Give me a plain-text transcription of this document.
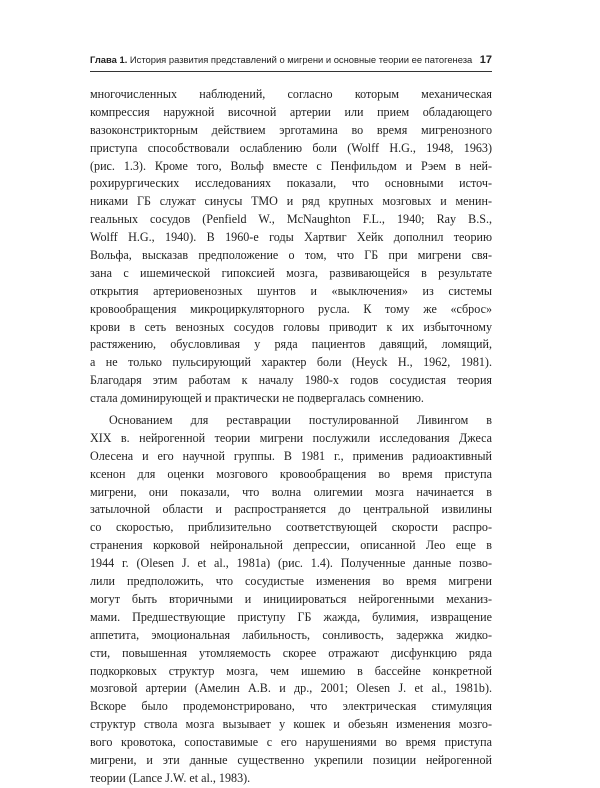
Глава 1. История развития представлений о мигрени и основные теории ее патогенеза 17
многочисленных наблюдений, согласно которым механическая
компрессия наружной височной артерии или прием обладающего
вазоконстрикторным действием эрготамина во время мигренозного
приступа способствовали ослаблению боли (Wolff H.G., 1948, 1963)
(рис. 1.3). Кроме того, Вольф вместе с Пенфильдом и Рэем в ней-
рохирургических исследованиях показали, что основными источ-
никами ГБ служат синусы ТМО и ряд крупных мозговых и менин-
геальных сосудов (Penfield W., McNaughton F.L., 1940; Ray B.S.,
Wolff H.G., 1940). В 1960-е годы Хартвиг Хейк дополнил теорию
Вольфа, высказав предположение о том, что ГБ при мигрени свя-
зана с ишемической гипоксией мозга, развивающейся в результате
открытия артериовенозных шунтов и «выключения» из системы
кровообращения микроциркуляторного русла. К тому же «сброс»
крови в сеть венозных сосудов головы приводит к их избыточному
растяжению, обусловливая у ряда пациентов давящий, ломящий,
а не только пульсирующий характер боли (Heyck H., 1962, 1981).
Благодаря этим работам к началу 1980-х годов сосудистая теория
стала доминирующей и практически не подвергалась сомнению.
Основанием для реставрации постулированной Ливингом в
XIX в. нейрогенной теории мигрени послужили исследования Джеса
Олесена и его научной группы. В 1981 г., применив радиоактивный
ксенон для оценки мозгового кровообращения во время приступа
мигрени, они показали, что волна олигемии мозга начинается в
затылочной области и распространяется до центральной извилины
со скоростью, приблизительно соответствующей скорости распро-
странения корковой нейрональной депрессии, описанной Лео еще в
1944 г. (Olesen J. et al., 1981a) (рис. 1.4). Полученные данные позво-
лили предположить, что сосудистые изменения во время мигрени
могут быть вторичными и инициироваться нейрогенными механиз-
мами. Предшествующие приступу ГБ жажда, булимия, извращение
аппетита, эмоциональная лабильность, сонливость, задержка жидко-
сти, повышенная утомляемость скорее отражают дисфункцию ряда
подкорковых структур мозга, чем ишемию в бассейне конкретной
мозговой артерии (Амелин А.В. и др., 2001; Olesen J. et al., 1981b).
Вскоре было продемонстрировано, что электрическая стимуляция
структур ствола мозга вызывает у кошек и обезьян изменения мозго-
вого кровотока, сопоставимые с его нарушениями во время приступа
мигрени, и эти данные существенно укрепили позиции нейрогенной
теории (Lance J.W. et al., 1983).
